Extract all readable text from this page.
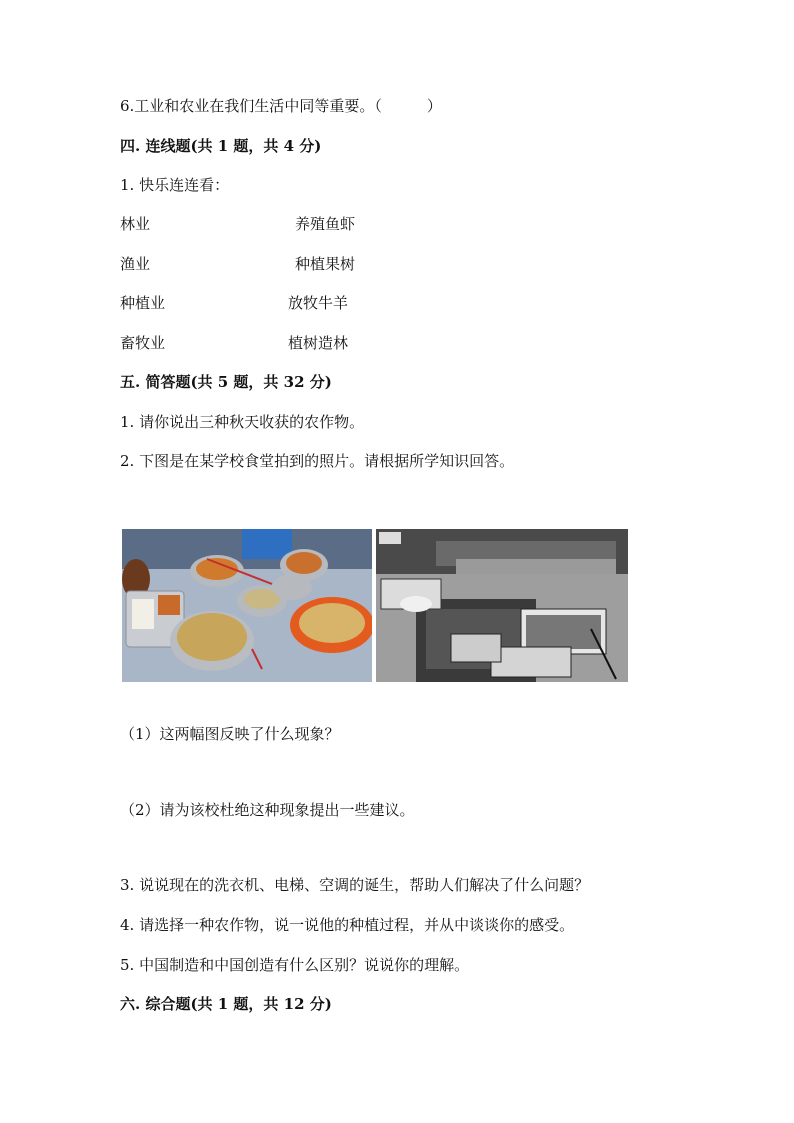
6.工业和农业在我们生活中同等重要。（　　　）
四. 连线题(共 1 题，共 4 分)
1. 快乐连连看：
林业	养殖鱼虾
渔业	种植果树
种植业	放牧牛羊
畜牧业	植树造林
五. 简答题(共 5 题，共 32 分)
1. 请你说出三种秋天收获的农作物。
2. 下图是在某学校食堂拍到的照片。请根据所学知识回答。
（1）这两幅图反映了什么现象？
（2）请为该校杜绝这种现象提出一些建议。
3. 说说现在的洗衣机、电梯、空调的诞生，帮助人们解决了什么问题？
4. 请选择一种农作物，说一说他的种植过程，并从中谈谈你的感受。
5. 中国制造和中国创造有什么区别？说说你的理解。
六. 综合题(共 1 题，共 12 分)
